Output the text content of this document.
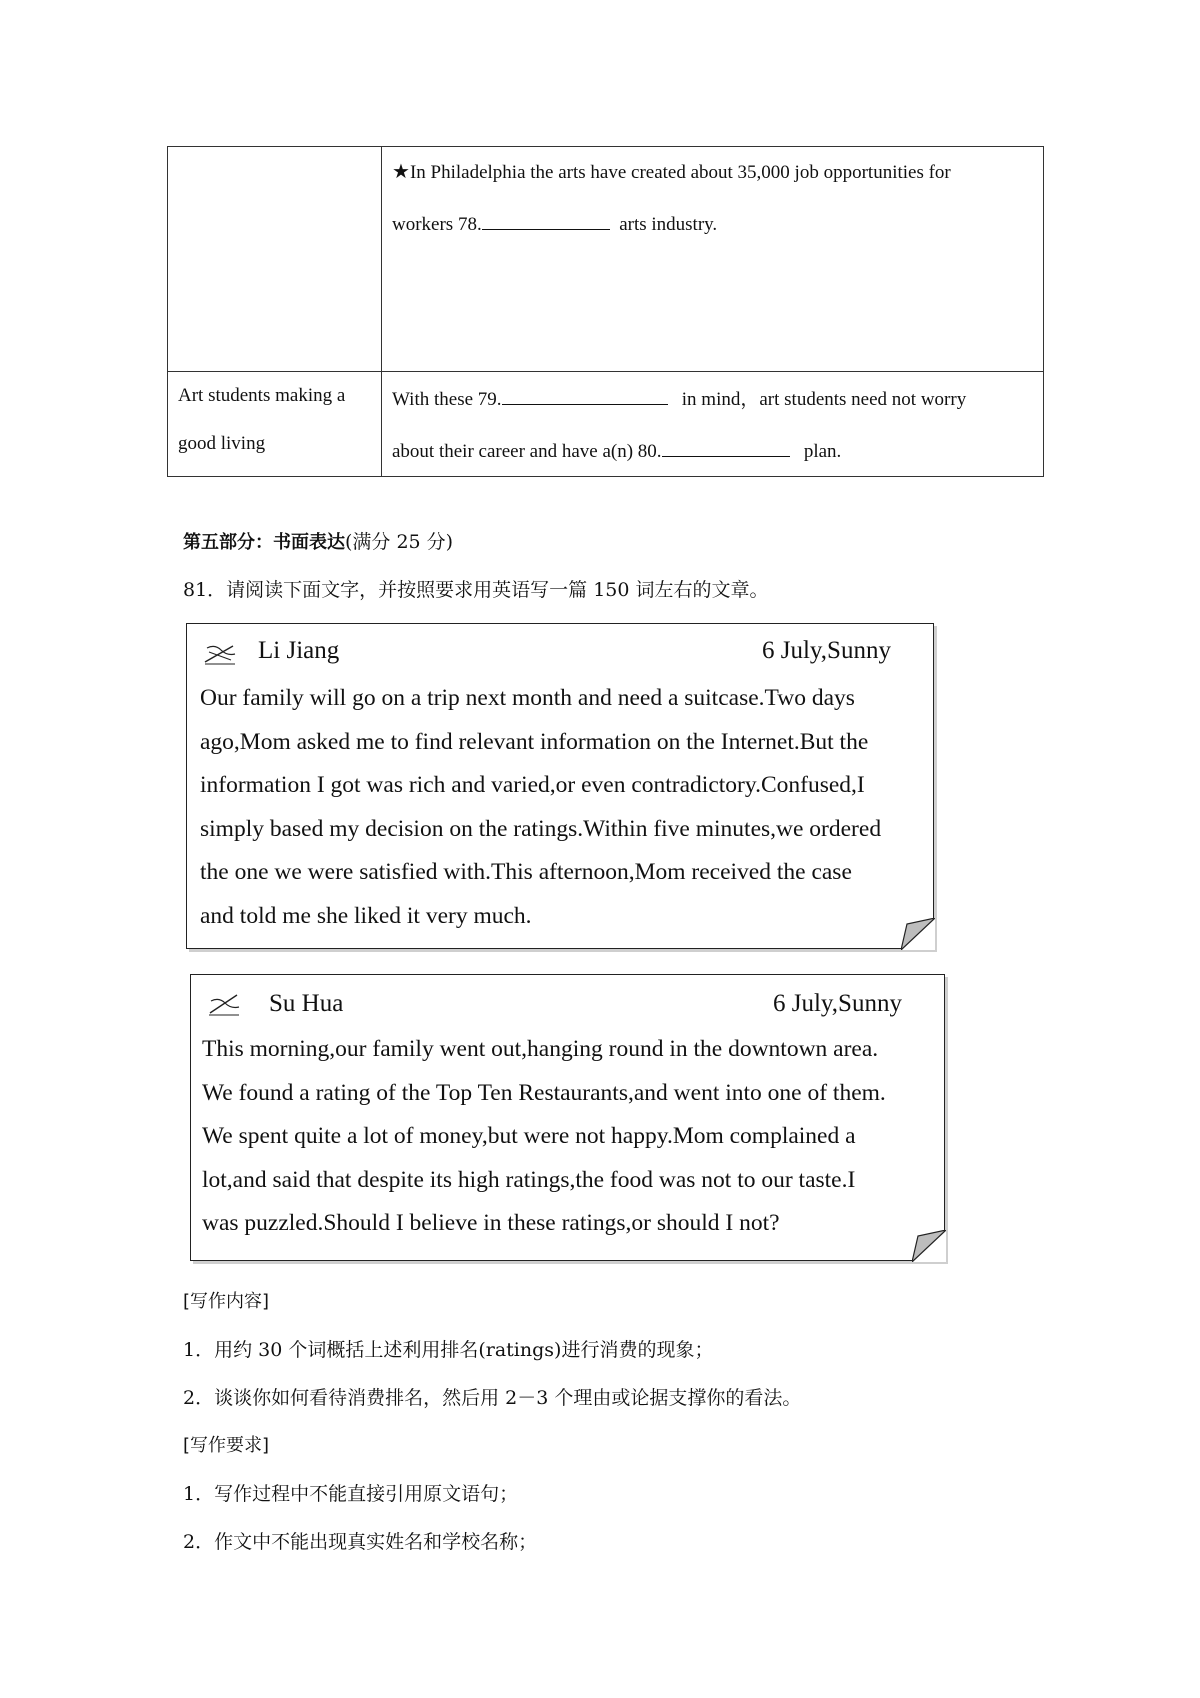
	★In Philadelphia the arts have created about 35,000 job opportunities for
workers 78. arts industry.
Art students making a
good living	With these 79. in mind，art students need not worry
about their career and have a(n) 80. plan.
第五部分：书面表达(满分 25 分)
81．请阅读下面文字，并按照要求用英语写一篇 150 词左右的文章。
Li Jiang	6 July,Sunny
Our family will go on a trip next month and need a suitcase.Two days
ago,Mom asked me to find relevant information on the Internet.But the
information I got was rich and varied,or even contradictory.Confused,I
simply based my decision on the ratings.Within five minutes,we ordered
the one we were satisfied with.This afternoon,Mom received the case
and told me she liked it very much.
Su Hua	6 July,Sunny
This morning,our family went out,hanging round in the downtown area.
We found a rating of the Top Ten Restaurants,and went into one of them.
We spent quite a lot of money,but were not happy.Mom complained a
lot,and said that despite its high ratings,the food was not to our taste.I
was puzzled.Should I believe in these ratings,or should I not?
[写作内容]
1．用约 30 个词概括上述利用排名(ratings)进行消费的现象；
2．谈谈你如何看待消费排名，然后用 2－3 个理由或论据支撑你的看法。
[写作要求]
1．写作过程中不能直接引用原文语句；
2．作文中不能出现真实姓名和学校名称；
